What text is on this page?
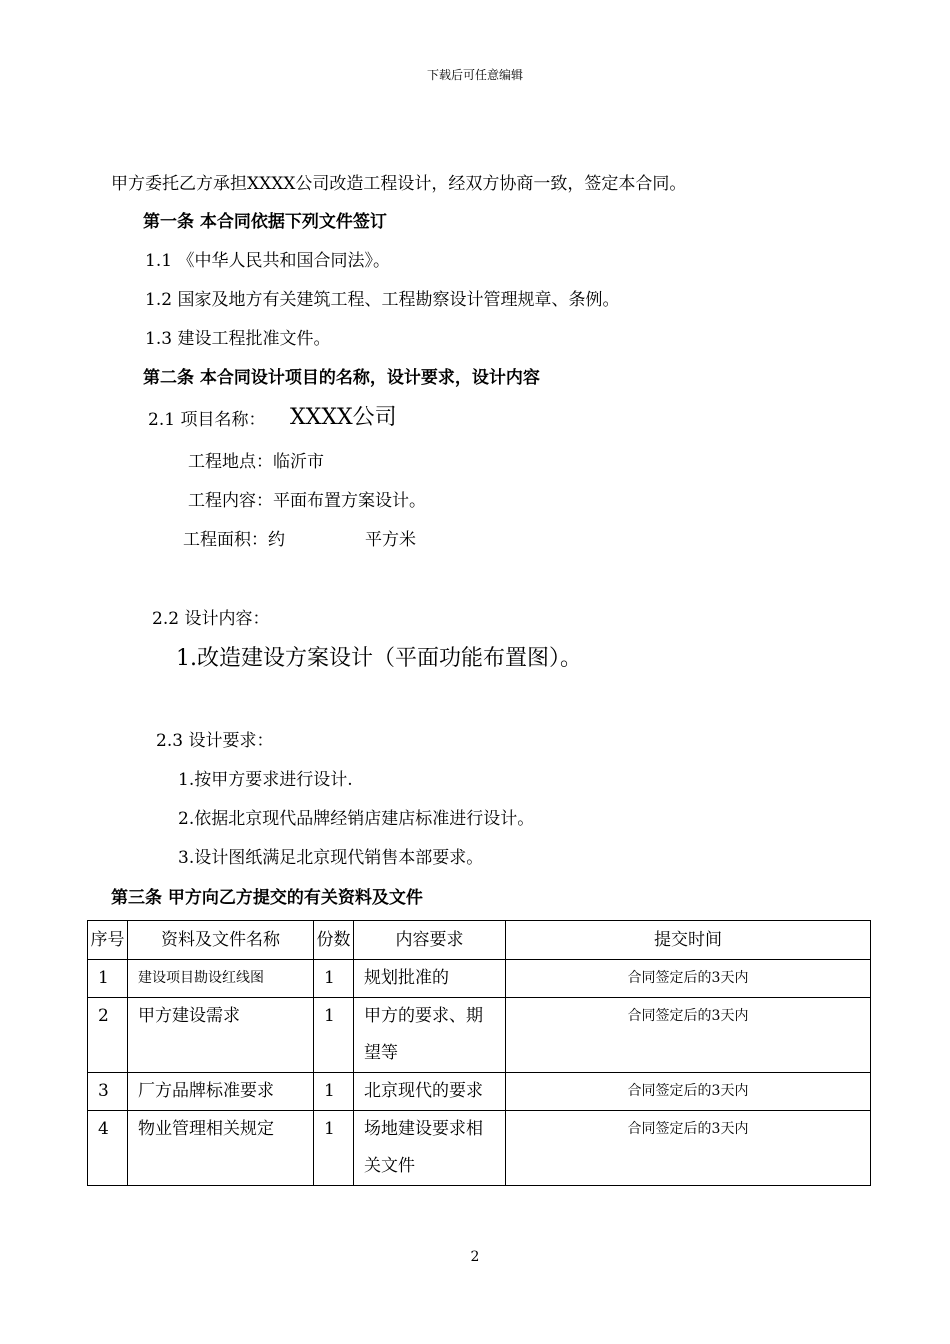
下载后可任意编辑
甲方委托乙方承担XXXX公司改造工程设计，经双方协商一致，签定本合同。
第一条 本合同依据下列文件签订
1.1 《中华人民共和国合同法》。
1.2 国家及地方有关建筑工程、工程勘察设计管理规章、条例。
1.3 建设工程批准文件。
第二条 本合同设计项目的名称，设计要求，设计内容
2.1 项目名称： XXXX公司
工程地点：临沂市
工程内容：平面布置方案设计。
工程面积：约	平方米
2.2 设计内容：
1.改造建设方案设计（平面功能布置图）。
2.3 设计要求：
1.按甲方要求进行设计.
2.依据北京现代品牌经销店建店标准进行设计。
3.设计图纸满足北京现代销售本部要求。
第三条 甲方向乙方提交的有关资料及文件
序号	资料及文件名称	份数	内容要求	提交时间
1	建设项目勘设红线图	1	规划批准的	合同签定后的3天内
2	甲方建设需求	1	甲方的要求、期望等	合同签定后的3天内
3	厂方品牌标准要求	1	北京现代的要求	合同签定后的3天内
4	物业管理相关规定	1	场地建设要求相关文件	合同签定后的3天内
2
